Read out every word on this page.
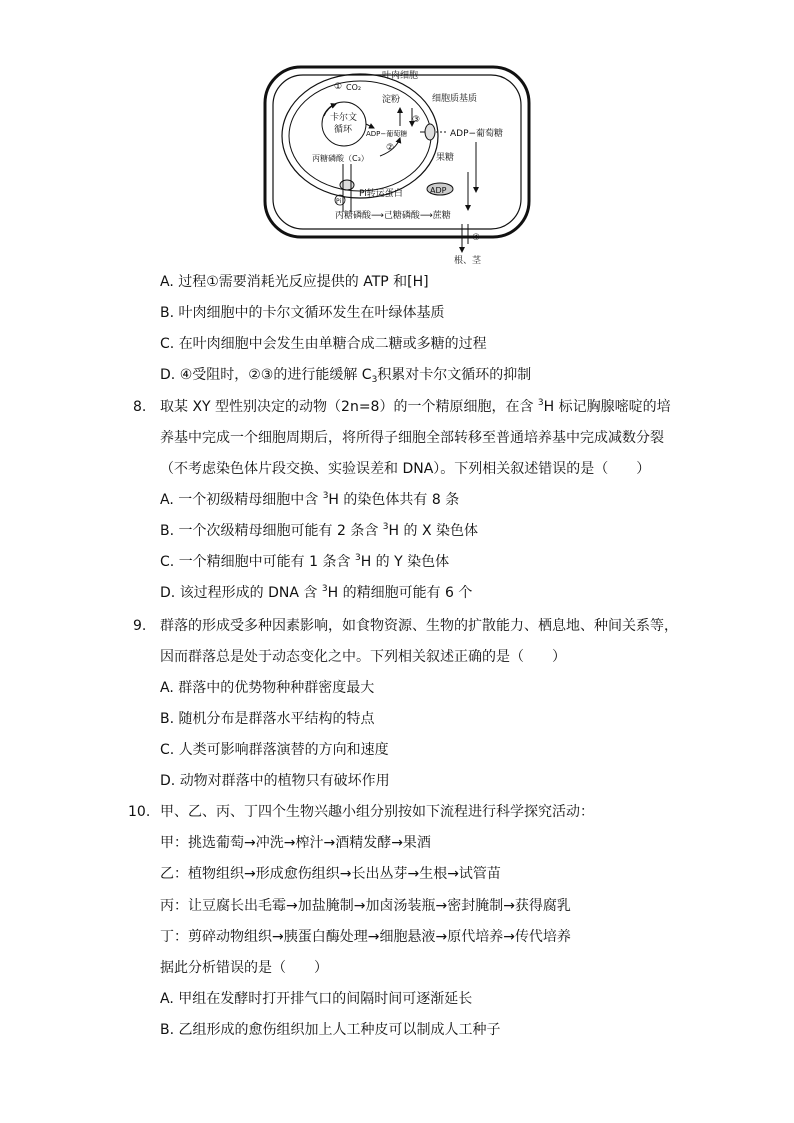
叶肉细胞
细胞质基质
① CO₂
卡尔文
循环
淀粉
③
ADP−葡萄糖
②
ADP−葡萄糖
丙糖磷酸（C₃）	果糖
ADP
Pi
Pi转运蛋白
丙糖磷酸⟶己糖磷酸⟶蔗糖
④
根、茎
A. 过程①需要消耗光反应提供的 ATP 和[H]
B. 叶肉细胞中的卡尔文循环发生在叶绿体基质
C. 在叶肉细胞中会发生由单糖合成二糖或多糖的过程
D. ④受阻时，②③的进行能缓解 $C_3$积累对卡尔文循环的抑制
8. 取某 XY 型性别决定的动物（2n=8）的一个精原细胞，在含 $^3$H 标记胸腺嘧啶的培
养基中完成一个细胞周期后，将所得子细胞全部转移至普通培养基中完成减数分裂
（不考虑染色体片段交换、实验误差和 DNA）。下列相关叙述错误的是（　　）
A. 一个初级精母细胞中含 $^3$H 的染色体共有 8 条
B. 一个次级精母细胞可能有 2 条含 $^3$H 的 X 染色体
C. 一个精细胞中可能有 1 条含 $^3$H 的 Y 染色体
D. 该过程形成的 DNA 含 $^3$H 的精细胞可能有 6 个
9. 群落的形成受多种因素影响，如食物资源、生物的扩散能力、栖息地、种间关系等，
因而群落总是处于动态变化之中。下列相关叙述正确的是（　　）
A. 群落中的优势物种种群密度最大
B. 随机分布是群落水平结构的特点
C. 人类可影响群落演替的方向和速度
D. 动物对群落中的植物只有破坏作用
10. 甲、乙、丙、丁四个生物兴趣小组分别按如下流程进行科学探究活动：
甲：挑选葡萄→冲洗→榨汁→酒精发酵→果酒
乙：植物组织→形成愈伤组织→长出丛芽→生根→试管苗
丙：让豆腐长出毛霉→加盐腌制→加卤汤装瓶→密封腌制→获得腐乳
丁：剪碎动物组织→胰蛋白酶处理→细胞悬液→原代培养→传代培养
据此分析错误的是（　　）
A. 甲组在发酵时打开排气口的间隔时间可逐渐延长
B. 乙组形成的愈伤组织加上人工种皮可以制成人工种子
